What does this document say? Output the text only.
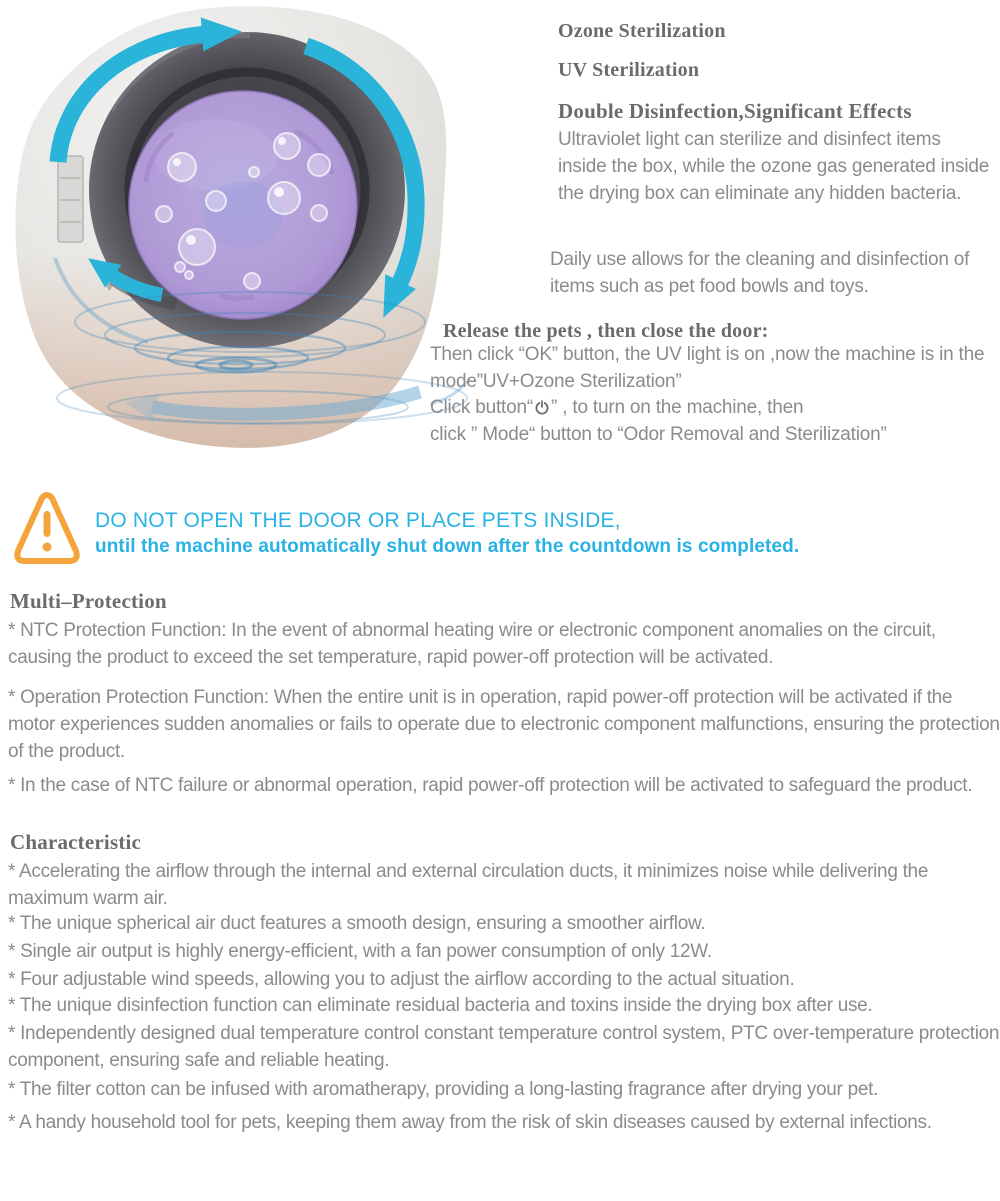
Ozone Sterilization
UV Sterilization
Double Disinfection,Significant Effects

Ultraviolet light can sterilize and disinfect items inside the box, while the ozone gas generated inside the drying box can eliminate any hidden bacteria.

Daily use allows for the cleaning and disinfection of items such as pet food bowls and toys.

Release the pets , then close the door:

Then click “OK” button, the UV light is on ,now the machine is in the mode”UV+Ozone Sterilization”

Click button“ ” , to turn on the machine, then
click ” Mode“ button to “Odor Removal and Sterilization”

DO NOT OPEN THE DOOR OR PLACE PETS INSIDE,
until the machine automatically shut down after the countdown is completed.
Multi–Protection

* NTC Protection Function: In the event of abnormal heating wire or electronic component anomalies on the circuit, causing the product to exceed the set temperature, rapid power-off protection will be activated.

* Operation Protection Function: When the entire unit is in operation, rapid power-off protection will be activated if the motor experiences sudden anomalies or fails to operate due to electronic component malfunctions, ensuring the protection of the product.

* In the case of NTC failure or abnormal operation, rapid power-off protection will be activated to safeguard the product.

Characteristic

* Accelerating the airflow through the internal and external circulation ducts, it minimizes noise while delivering the maximum warm air.

* The unique spherical air duct features a smooth design, ensuring a smoother airflow.

* Single air output is highly energy-efficient, with a fan power consumption of only 12W.

* Four adjustable wind speeds, allowing you to adjust the airflow according to the actual situation.

* The unique disinfection function can eliminate residual bacteria and toxins inside the drying box after use.

* Independently designed dual temperature control constant temperature control system, PTC over-temperature protection component, ensuring safe and reliable heating.

* The filter cotton can be infused with aromatherapy, providing a long-lasting fragrance after drying your pet.

* A handy household tool for pets, keeping them away from the risk of skin diseases caused by external infections.
